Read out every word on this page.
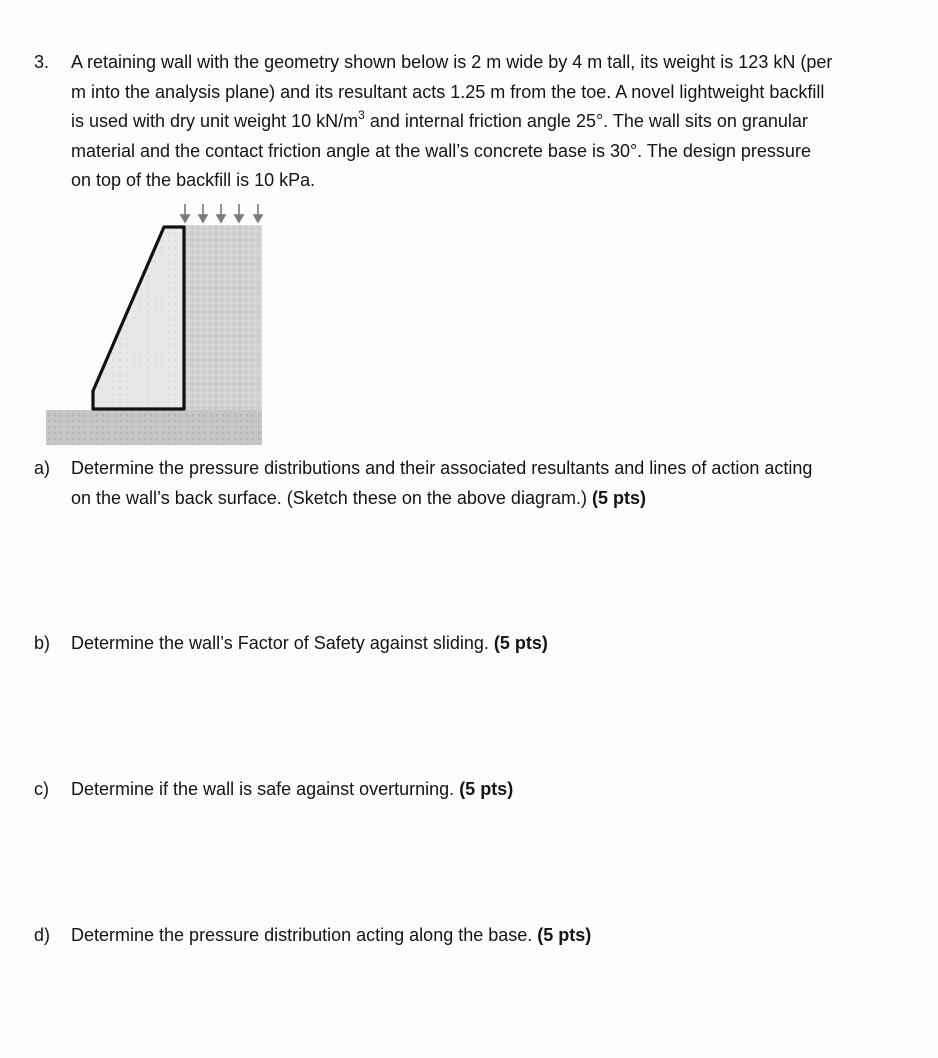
3. A retaining wall with the geometry shown below is 2 m wide by 4 m tall, its weight is 123 kN (per
m into the analysis plane) and its resultant acts 1.25 m from the toe. A novel lightweight backfill
is used with dry unit weight 10 $kN/m^3$ and internal friction angle 25°. The wall sits on granular
material and the contact friction angle at the wall’s concrete base is 30°. The design pressure
on top of the backfill is 10 kPa.
a) Determine the pressure distributions and their associated resultants and lines of action acting
on the wall’s back surface. (Sketch these on the above diagram.) (5 pts)
b) Determine the wall’s Factor of Safety against sliding. (5 pts)
c) Determine if the wall is safe against overturning. (5 pts)
d) Determine the pressure distribution acting along the base. (5 pts)
